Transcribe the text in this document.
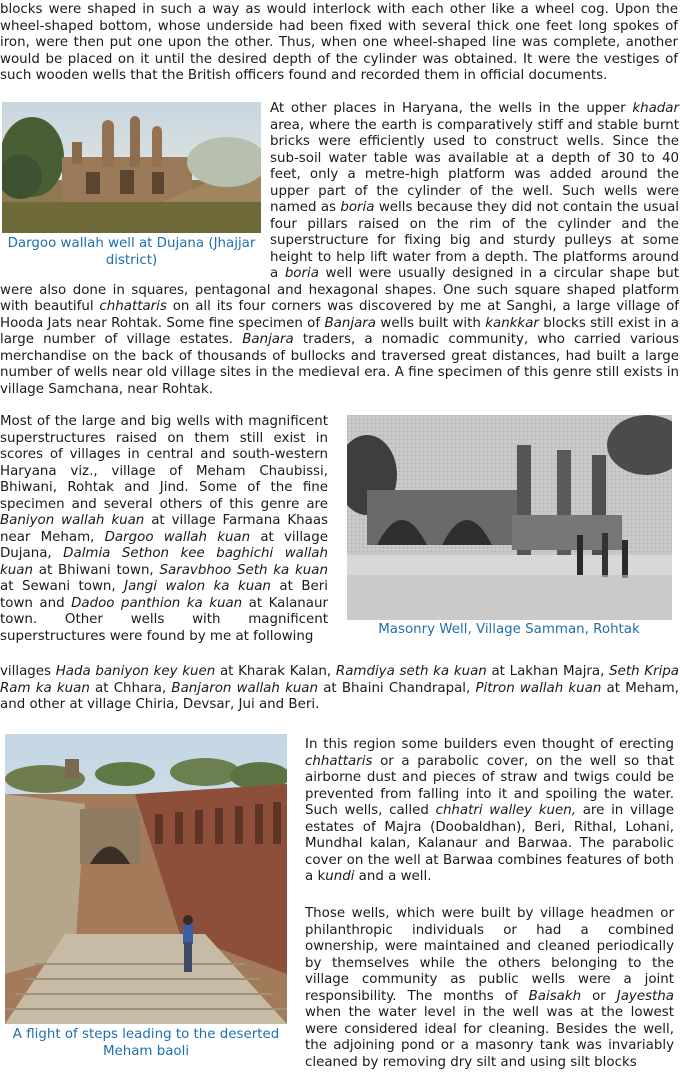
blocks were shaped in such a way as would interlock with each other like a wheel cog. Upon the wheel-shaped bottom, whose underside had been fixed with several thick one feet long spokes of iron, were then put one upon the other. Thus, when one wheel-shaped line was complete, another would be placed on it until the desired depth of the cylinder was obtained. It were the vestiges of such wooden wells that the British officers found and recorded them in official documents.

Dargoo wallah well at Dujana (Jhajjar district)
At other places in Haryana, the wells in the upper khadar area, where the earth is comparatively stiff and stable burnt bricks were efficiently used to construct wells. Since the sub-soil water table was available at a depth of 30 to 40 feet, only a metre-high platform was added around the upper part of the cylinder of the well. Such wells were named as boria wells because they did not contain the usual four pillars raised on the rim of the cylinder and the superstructure for fixing big and sturdy pulleys at some height to help lift water from a depth. The platforms around a boria well were usually designed in a circular shape but were also done in squares, pentagonal and hexagonal shapes. One such square shaped platform with beautiful chhattaris on all its four corners was discovered by me at Sanghi, a large village of Hooda Jats near Rohtak. Some fine specimen of Banjara wells built with kankkar blocks still exist in a large number of village estates. Banjara traders, a nomadic community, who carried various merchandise on the back of thousands of bullocks and traversed great distances, had built a large number of wells near old village sites in the medieval era. A fine specimen of this genre still exists in village Samchana, near Rohtak.

Most of the large and big wells with magnificent superstructures raised on them still exist in scores of villages in central and south-western Haryana viz., village of Meham Chaubissi, Bhiwani, Rohtak and Jind. Some of the fine specimen and several others of this genre are Baniyon wallah kuan at village Farmana Khaas near Meham, Dargoo wallah kuan at village Dujana, Dalmia Sethon kee baghichi wallah kuan at Bhiwani town, Saravbhoo Seth ka kuan at Sewani town, Jangi walon ka kuan at Beri town and Dadoo panthion ka kuan at Kalanaur town. Other wells with magnificent superstructures were found by me at following	Masonry Well, Village Samman, Rohtak

villages Hada baniyon key kuen at Kharak Kalan, Ramdiya seth ka kuan at Lakhan Majra, Seth Kripa Ram ka kuan at Chhara, Banjaron wallah kuan at Bhaini Chandrapal, Pitron wallah kuan at Meham, and other at village Chiria, Devsar, Jui and Beri.

A flight of steps leading to the deserted Meham baoli

In this region some builders even thought of erecting chhattaris or a parabolic cover, on the well so that airborne dust and pieces of straw and twigs could be prevented from falling into it and spoiling the water. Such wells, called chhatri walley kuen, are in village estates of Majra (Doobaldhan), Beri, Rithal, Lohani, Mundhal kalan, Kalanaur and Barwaa. The parabolic cover on the well at Barwaa combines features of both a kundi and a well.

Those wells, which were built by village headmen or philanthropic individuals or had a combined ownership, were maintained and cleaned periodically by themselves while the others belonging to the village community as public wells were a joint responsibility. The months of Baisakh or Jayestha when the water level in the well was at the lowest were considered ideal for cleaning. Besides the well, the adjoining pond or a masonry tank was invariably cleaned by removing dry silt and using silt blocks
